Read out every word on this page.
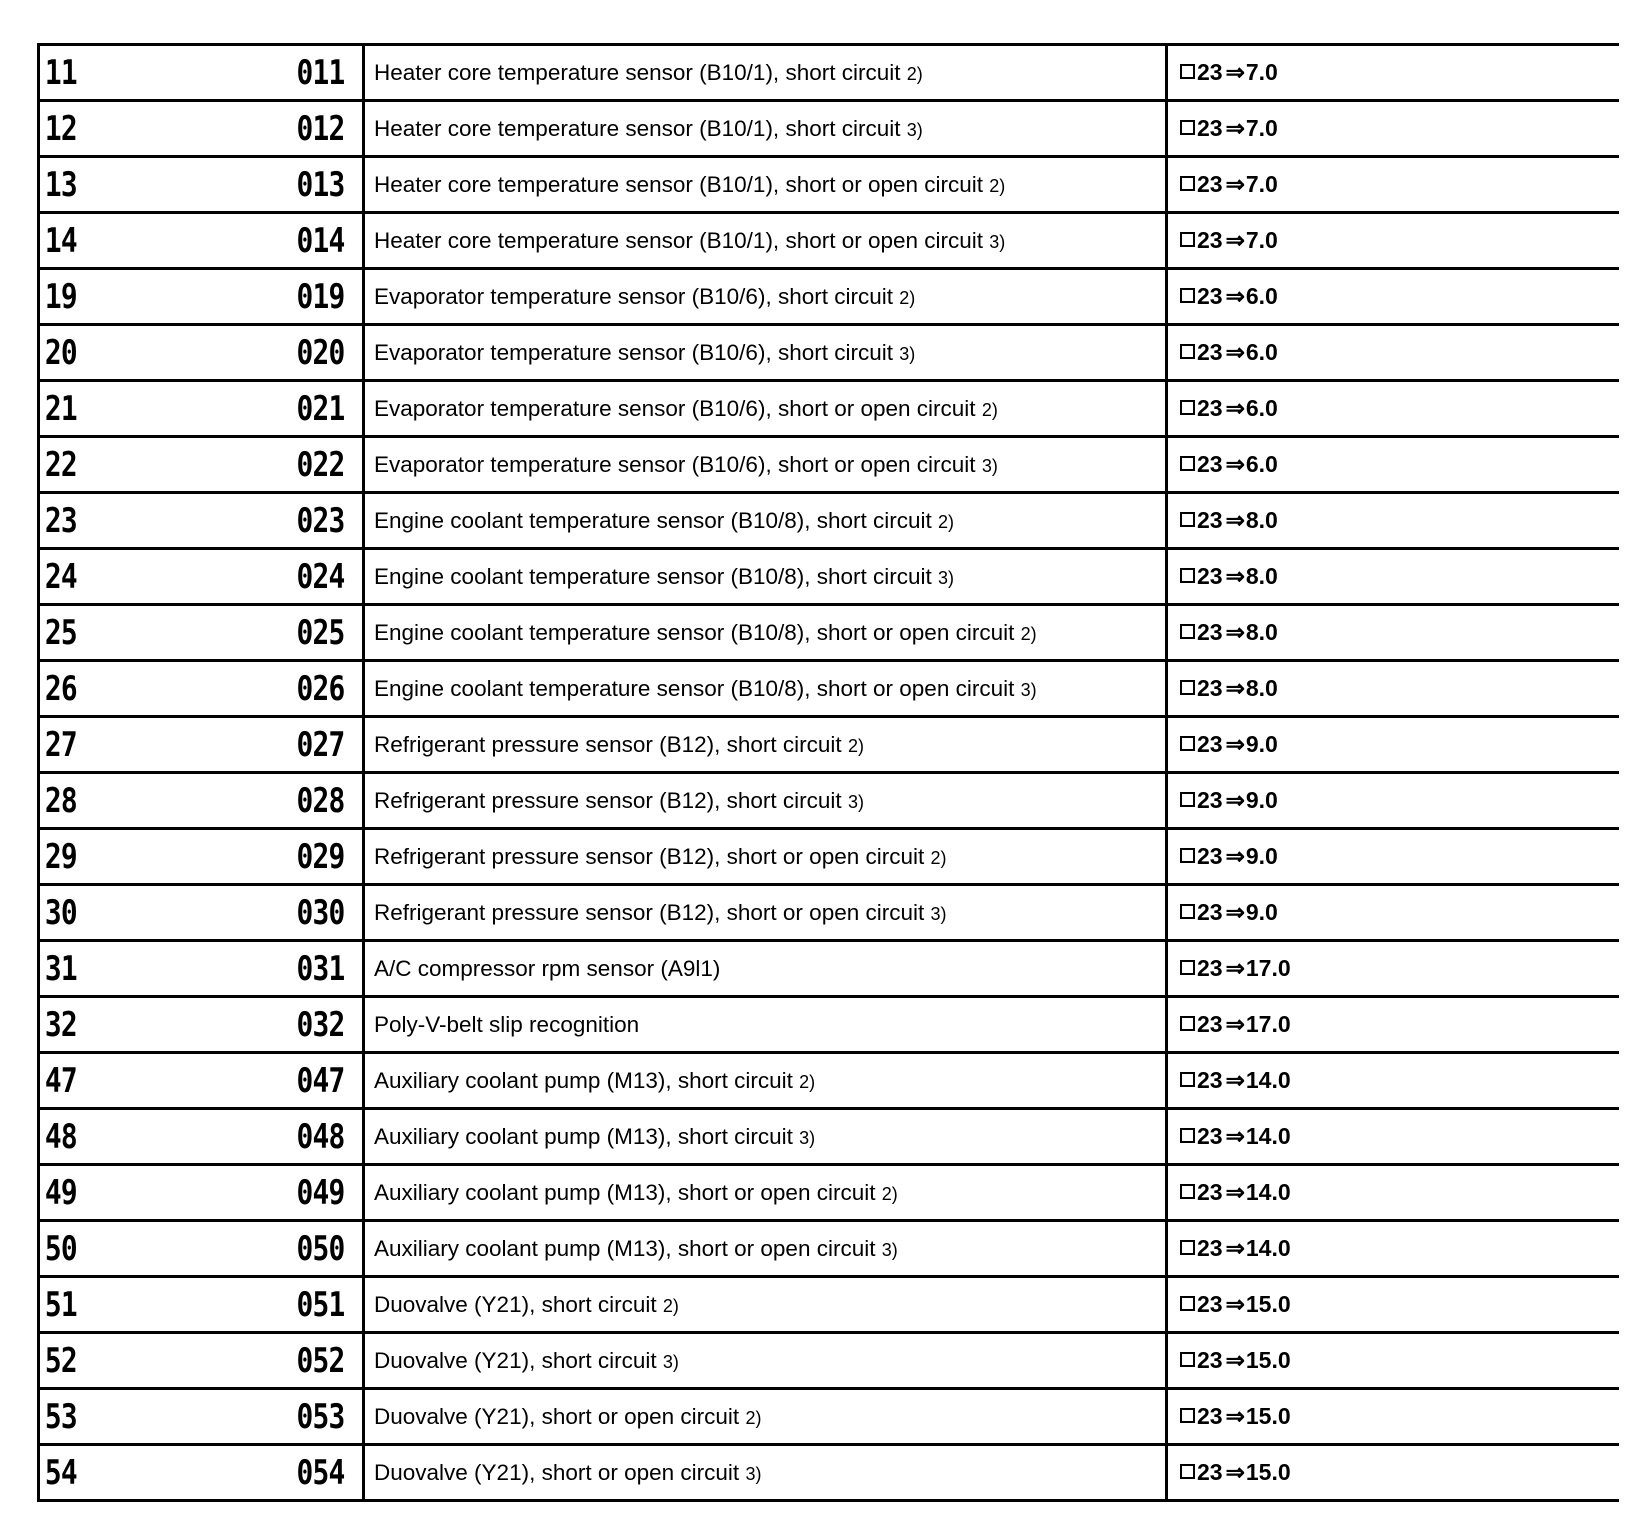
11	011	Heater core temperature sensor (B10/1), short circuit 2)	23 ⇒7.0
12	012	Heater core temperature sensor (B10/1), short circuit 3)	23 ⇒7.0
13	013	Heater core temperature sensor (B10/1), short or open circuit 2)	23 ⇒7.0
14	014	Heater core temperature sensor (B10/1), short or open circuit 3)	23 ⇒7.0
19	019	Evaporator temperature sensor (B10/6), short circuit 2)	23 ⇒6.0
20	020	Evaporator temperature sensor (B10/6), short circuit 3)	23 ⇒6.0
21	021	Evaporator temperature sensor (B10/6), short or open circuit 2)	23 ⇒6.0
22	022	Evaporator temperature sensor (B10/6), short or open circuit 3)	23 ⇒6.0
23	023	Engine coolant temperature sensor (B10/8), short circuit 2)	23 ⇒8.0
24	024	Engine coolant temperature sensor (B10/8), short circuit 3)	23 ⇒8.0
25	025	Engine coolant temperature sensor (B10/8), short or open circuit 2)	23 ⇒8.0
26	026	Engine coolant temperature sensor (B10/8), short or open circuit 3)	23 ⇒8.0
27	027	Refrigerant pressure sensor (B12), short circuit 2)	23 ⇒9.0
28	028	Refrigerant pressure sensor (B12), short circuit 3)	23 ⇒9.0
29	029	Refrigerant pressure sensor (B12), short or open circuit 2)	23 ⇒9.0
30	030	Refrigerant pressure sensor (B12), short or open circuit 3)	23 ⇒9.0
31	031	A/C compressor rpm sensor (A9l1)	23 ⇒17.0
32	032	Poly-V-belt slip recognition	23 ⇒17.0
47	047	Auxiliary coolant pump (M13), short circuit 2)	23 ⇒14.0
48	048	Auxiliary coolant pump (M13), short circuit 3)	23 ⇒14.0
49	049	Auxiliary coolant pump (M13), short or open circuit 2)	23 ⇒14.0
50	050	Auxiliary coolant pump (M13), short or open circuit 3)	23 ⇒14.0
51	051	Duovalve (Y21), short circuit 2)	23 ⇒15.0
52	052	Duovalve (Y21), short circuit 3)	23 ⇒15.0
53	053	Duovalve (Y21), short or open circuit 2)	23 ⇒15.0
54	054	Duovalve (Y21), short or open circuit 3)	23 ⇒15.0
